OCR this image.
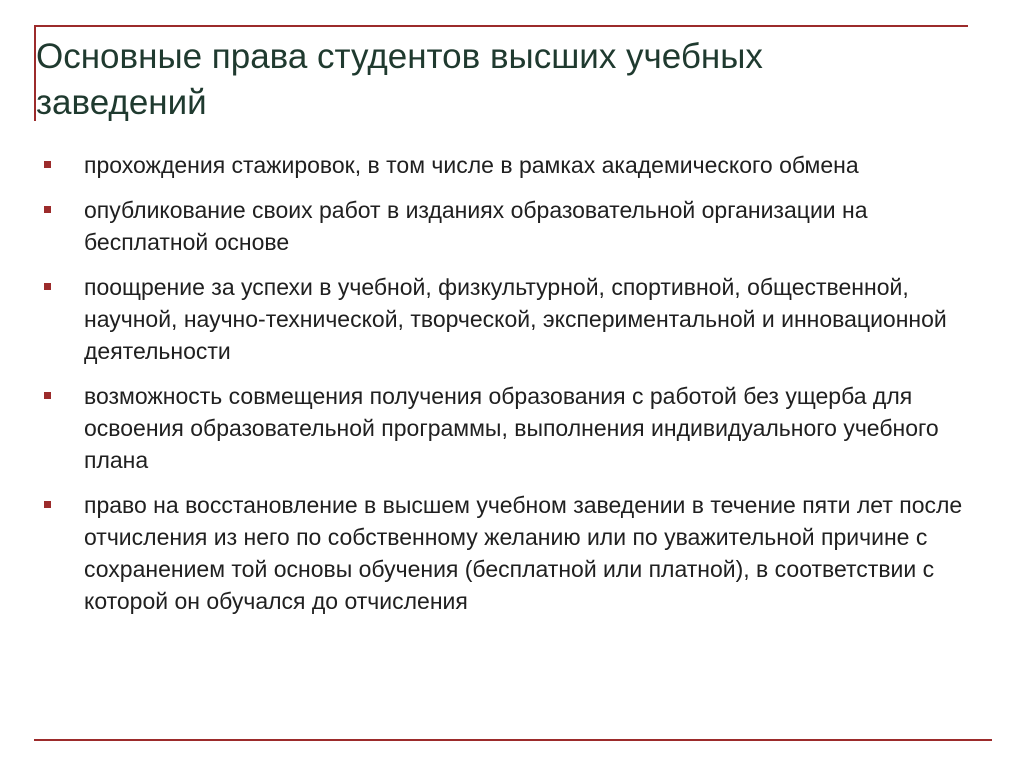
Основные права студентов высших учебных заведений
прохождения стажировок, в том числе в рамках академического обмена
опубликование своих работ в изданиях образовательной организации на бесплатной основе
поощрение за успехи в учебной, физкультурной, спортивной, общественной, научной, научно-технической, творческой, экспериментальной и инновационной деятельности
возможность совмещения получения образования с работой без ущерба для освоения образовательной программы, выполнения индивидуального учебного плана
право на восстановление в высшем учебном заведении в течение пяти лет после отчисления из него по собственному желанию или по уважительной причине с сохранением той основы обучения (бесплатной или платной), в соответствии с которой он обучался до отчисления
